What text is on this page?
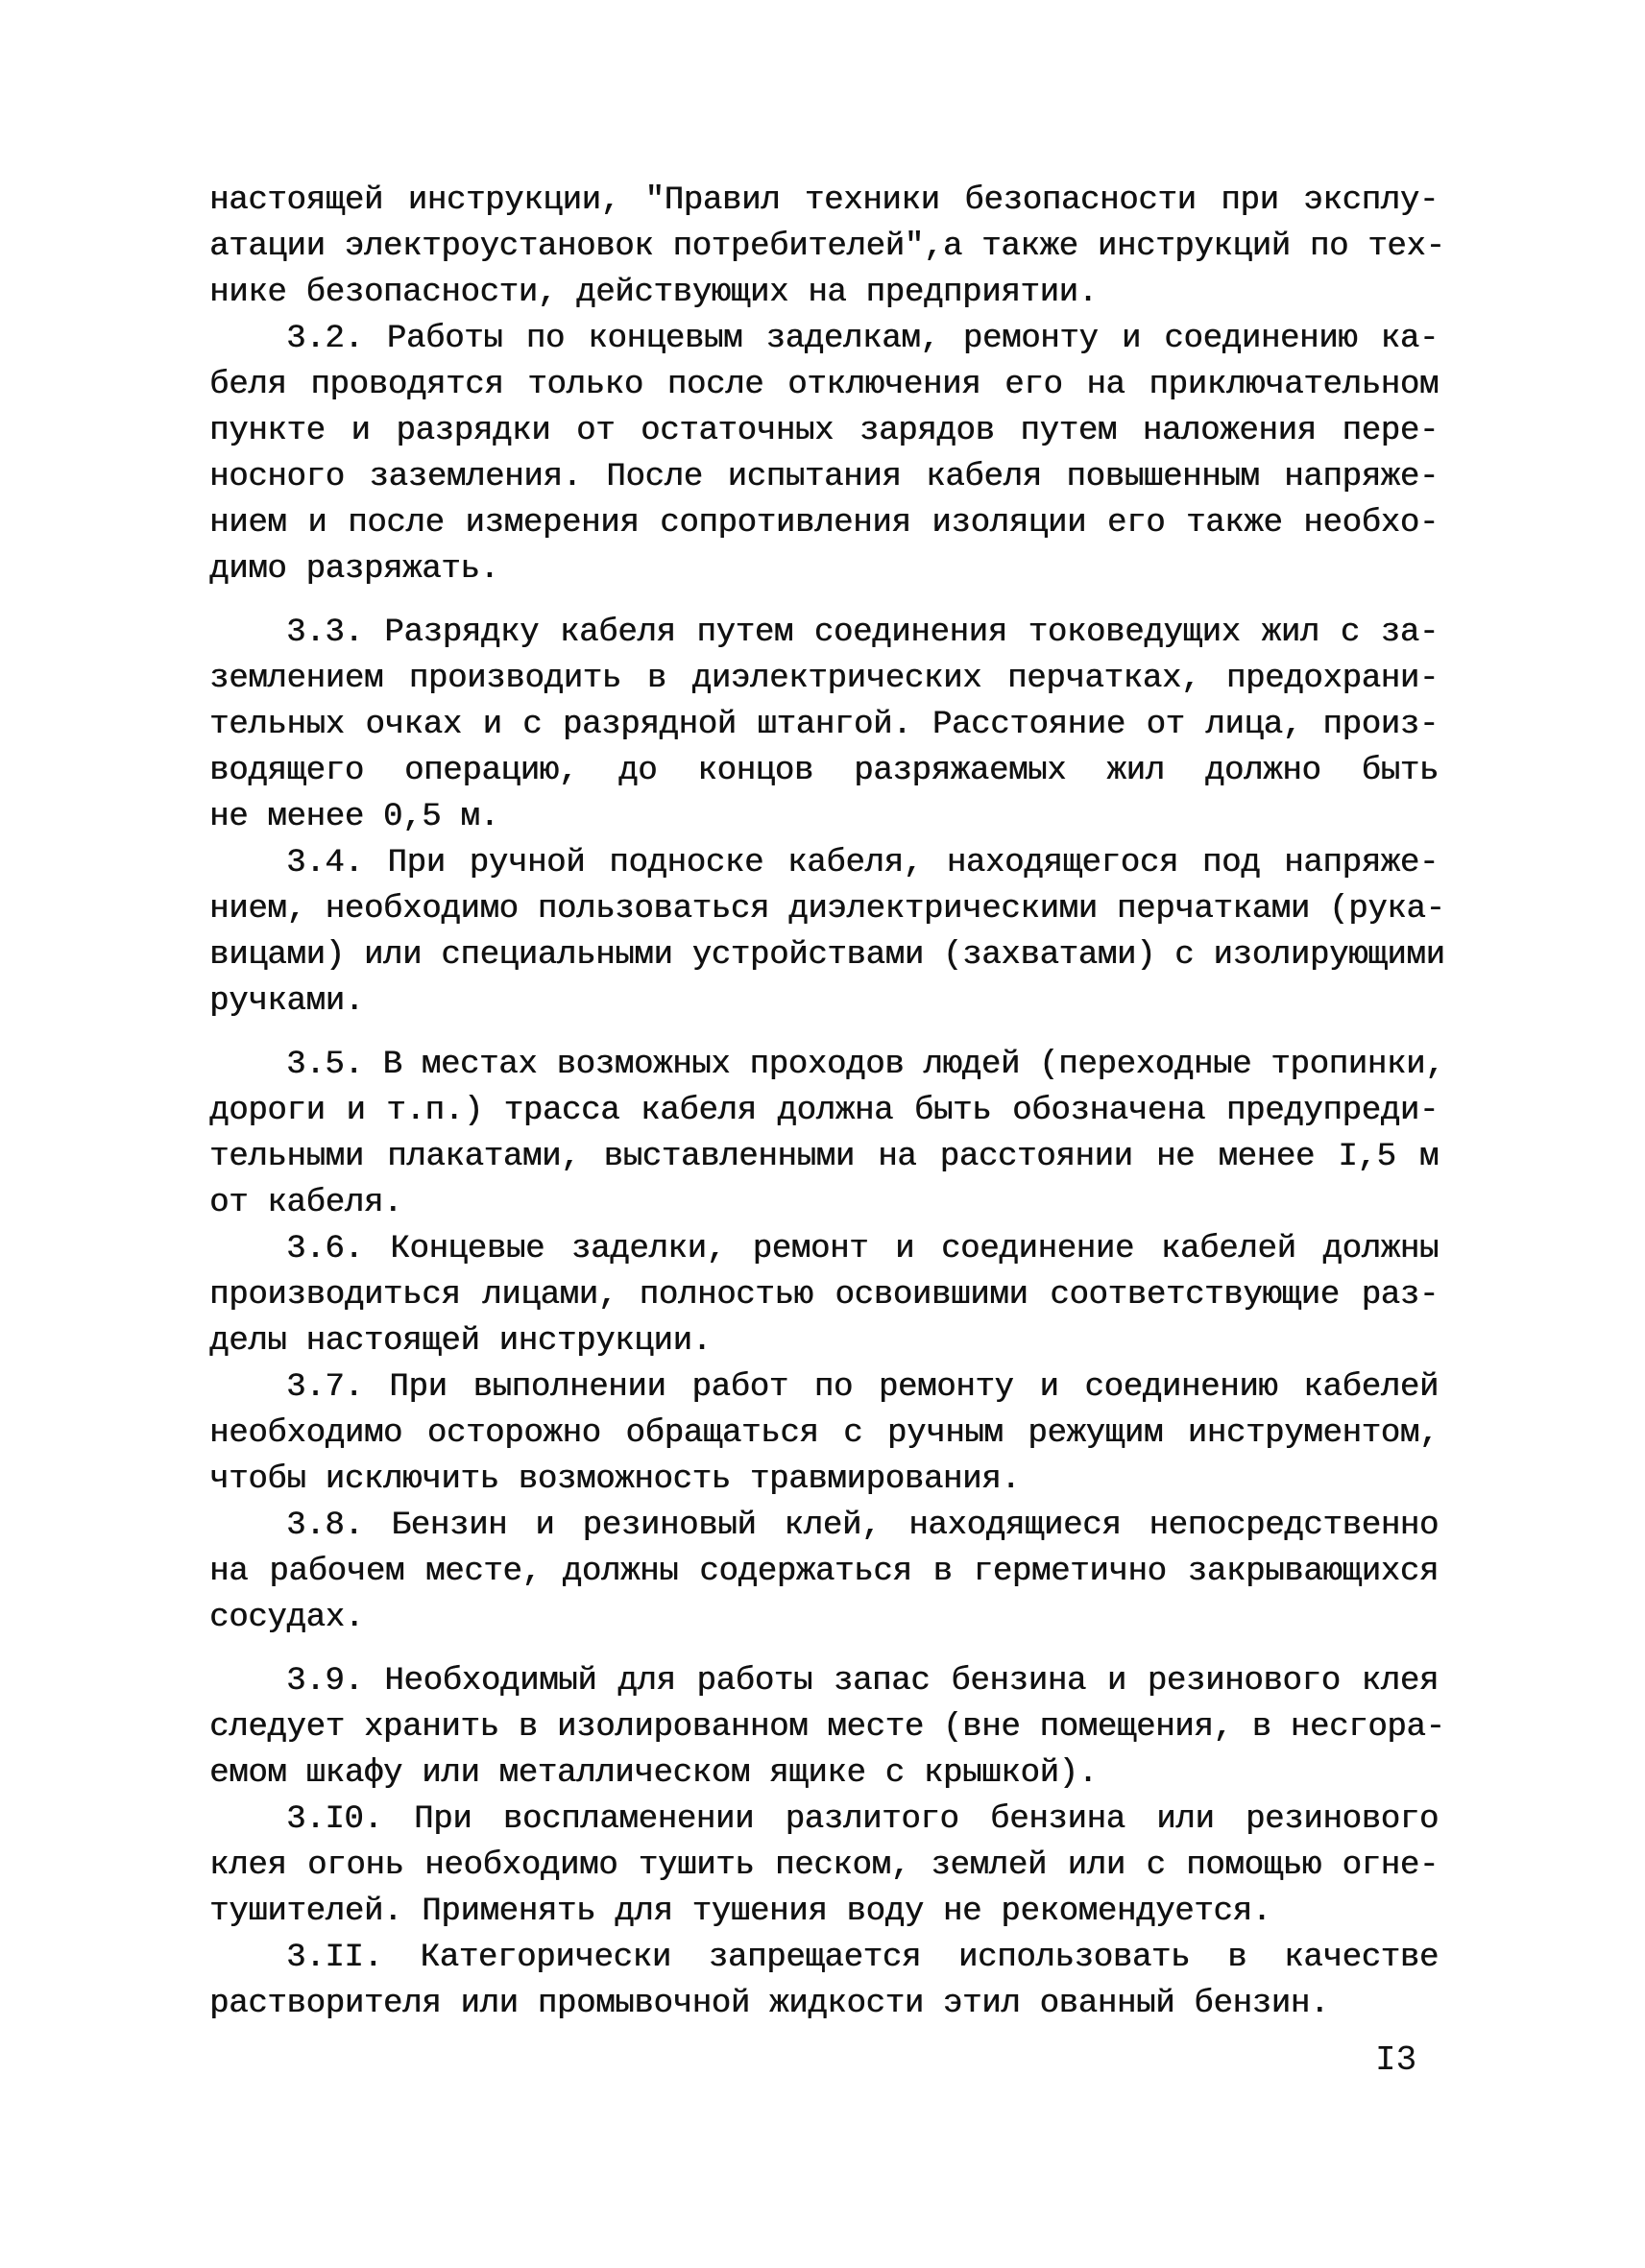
настоящей инструкции, "Правил техники безопасности при эксплу-
атации электроустановок потребителей",а также инструкций по тех-
нике безопасности, действующих на предприятии.
3.2. Работы по концевым заделкам, ремонту и соединению ка-
беля проводятся только после отключения его на приключательном
пункте и разрядки от остаточных зарядов путем наложения пере-
носного заземления. После испытания кабеля повышенным напряже-
нием и после измерения сопротивления изоляции его также необхо-
димо разряжать.
3.3. Разрядку кабеля путем соединения токоведущих жил с за-
землением производить в диэлектрических перчатках, предохрани-
тельных очках и с разрядной штангой. Расстояние от лица, произ-
водящего операцию, до концов разряжаемых жил должно быть
не менее 0,5 м.
3.4. При ручной подноске кабеля, находящегося под напряже-
нием, необходимо пользоваться диэлектрическими перчатками (рука-
вицами) или специальными устройствами (захватами) с изолирующими
ручками.
3.5. В местах возможных проходов людей (переходные тропинки,
дороги и т.п.) трасса кабеля должна быть обозначена предупреди-
тельными плакатами, выставленными на расстоянии не менее I,5 м
от кабеля.
3.6. Концевые заделки, ремонт и соединение кабелей должны
производиться лицами, полностью освоившими соответствующие раз-
делы настоящей инструкции.
3.7. При выполнении работ по ремонту и соединению кабелей
необходимо осторожно обращаться с ручным режущим инструментом,
чтобы исключить возможность травмирования.
3.8. Бензин и резиновый клей, находящиеся непосредственно
на рабочем месте, должны содержаться в герметично закрывающихся
сосудах.
3.9. Необходимый для работы запас бензина и резинового клея
следует хранить в изолированном месте (вне помещения, в несгора-
емом шкафу или металлическом ящике с крышкой).
3.I0. При воспламенении разлитого бензина или резинового
клея огонь необходимо тушить песком, землей или с помощью огне-
тушителей. Применять для тушения воду не рекомендуется.
3.II. Категорически запрещается использовать в качестве
растворителя или промывочной жидкости этил ованный бензин.
I3
